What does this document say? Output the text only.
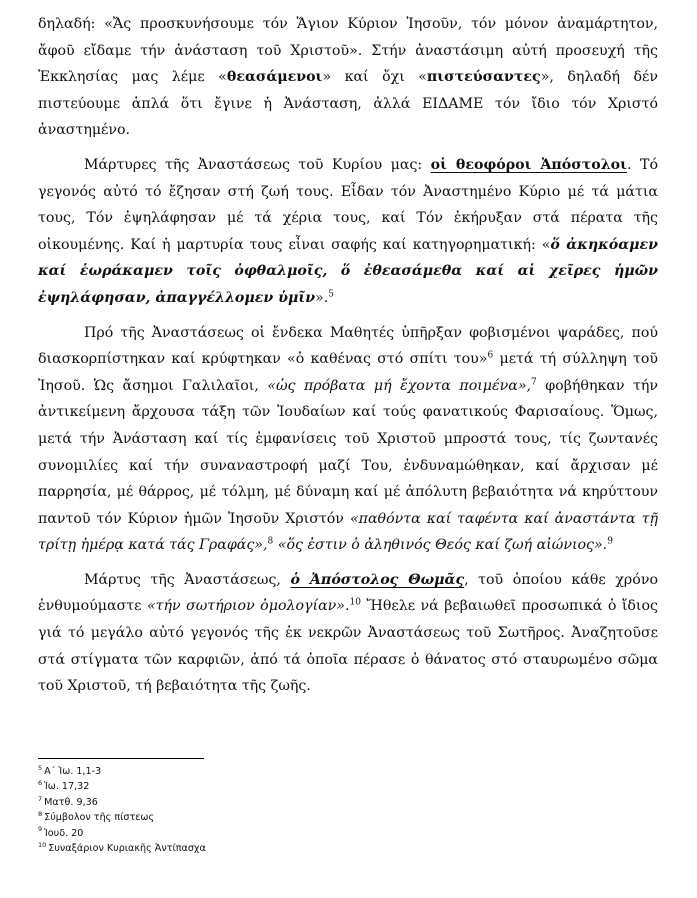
δηλαδή: «Ἄς προσκυνήσουμε τόν Ἅγιον Κύριον Ἰησοῦν, τόν μόνον ἀναμάρτητον, ἄφοῦ εἴδαμε τήν ἀνάσταση τοῦ Χριστοῦ». Στήν ἀναστάσιμη αὐτή προσευχή τῆς Ἐκκλησίας μας λέμε «θεασάμενοι» καί ὄχι «πιστεύσαντες», δηλαδή δέν πιστεύουμε ἁπλά ὅτι ἔγινε ἡ Ἀνάσταση, ἀλλά ΕΙΔΑΜΕ τόν ἴδιο τόν Χριστό ἀναστημένο.

Μάρτυρες τῆς Ἀναστάσεως τοῦ Κυρίου μας: οἱ θεοφόροι Ἀπόστολοι. Τό γεγονός αὐτό τό ἔζησαν στή ζωή τους. Εἶδαν τόν Ἀναστημένο Κύριο μέ τά μάτια τους, Τόν ἐψηλάφησαν μέ τά χέρια τους, καί Τόν ἐκήρυξαν στά πέρατα τῆς οἰκουμένης. Καί ἡ μαρτυρία τους εἶναι σαφής καί κατηγορηματική: «ὅ ἀκηκόαμεν καί ἑωράκαμεν τοῖς ὀφθαλμοῖς, ὅ ἐθεασάμεθα καί αἱ χεῖρες ἡμῶν ἐψηλάφησαν, ἀπαγγέλλομεν ὑμῖν».$^5$

Πρό τῆς Ἀναστάσεως οἱ ἔνδεκα Μαθητές ὑπῆρξαν φοβισμένοι ψαράδες, πού διασκορπίστηκαν καί κρύφτηκαν «ὁ καθένας στό σπίτι του»$^6$ μετά τή σύλληψη τοῦ Ἰησοῦ. Ὡς ἄσημοι Γαλιλαῖοι, «ὡς πρόβατα μή ἔχοντα ποιμένα»,$^7$ φοβήθηκαν τήν ἀντικείμενη ἄρχουσα τάξη τῶν Ἰουδαίων καί τούς φανατικούς Φαρισαίους. Ὅμως, μετά τήν Ἀνάσταση καί τίς ἐμφανίσεις τοῦ Χριστοῦ μπροστά τους, τίς ζωντανές συνομιλίες καί τήν συναναστροφή μαζί Του, ἐνδυναμώθηκαν, καί ἄρχισαν μέ παρρησία, μέ θάρρος, μέ τόλμη, μέ δύναμη καί μέ ἀπόλυτη βεβαιότητα νά κηρύττουν παντοῦ τόν Κύριον ἡμῶν Ἰησοῦν Χριστόν «παθόντα καί ταφέντα καί ἀναστάντα τῇ τρίτῃ ἡμέρᾳ κατά τάς Γραφάς»,$^8$ «ὅς ἐστιν ὁ ἀληθινός Θεός καί ζωή αἰώνιος».$^9$

Μάρτυς τῆς Ἀναστάσεως, ὁ Ἀπόστολος Θωμᾶς, τοῦ ὁποίου κάθε χρόνο ἐνθυμούμαστε «τήν σωτήριον ὁμολογίαν».$^{10}$ Ἤθελε νά βεβαιωθεῖ προσωπικά ὁ ἴδιος γιά τό μεγάλο αὐτό γεγονός τῆς ἐκ νεκρῶν Ἀναστάσεως τοῦ Σωτῆρος. Ἀναζητοῦσε στά στίγματα τῶν καρφιῶν, ἀπό τά ὁποῖα πέρασε ὁ θάνατος στό σταυρωμένο σῶμα τοῦ Χριστοῦ, τή βεβαιότητα τῆς ζωῆς.

$^5$ Α΄ Ἰω. 1,1-3
$^6$ Ἰω. 17,32
$^7$ Ματθ. 9,36
$^8$ Σύμβολον τῆς πίστεως
$^9$ Ἰουδ. 20
$^{10}$ Συναξάριον Κυριακῆς Ἀντίπασχα
